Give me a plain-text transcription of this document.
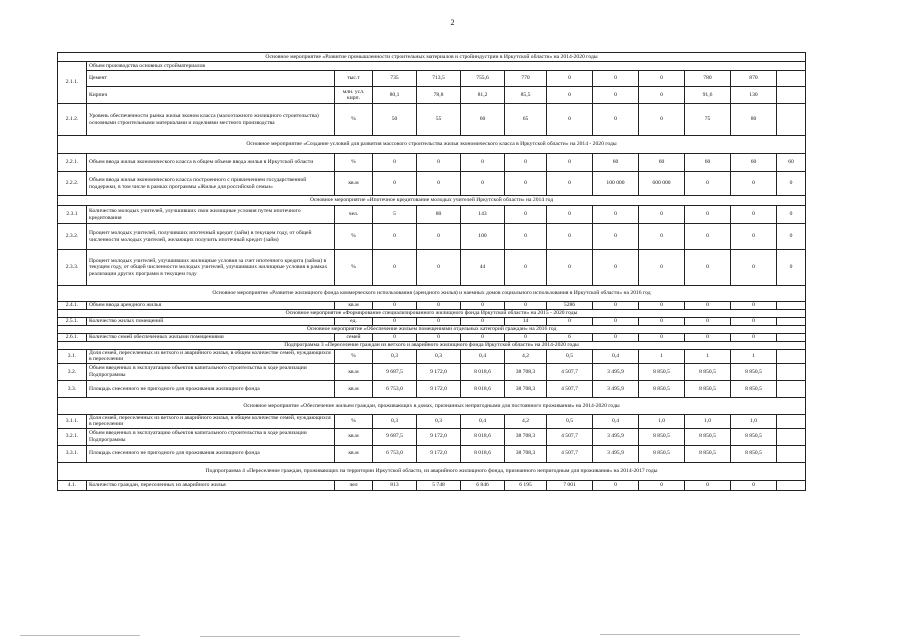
2
Основное мероприятие «Развитие промышленности строительных материалов и стройиндустрии в Иркутской области» на 2014-2020 годы												
2.1.1.	Объем производства основных стройматериалов											
	Цемент	тыс.т	735	713,5	755,6	770	0	0	0	780	870	
	Кирпич	млн. усл. кирп.	80,1	78,8	81,2	85,5	0	0	0	91,6	130	
2.1.2.	Уровень обеспеченности рынка жилья эконом класса (малоэтажного жилищного строительства) основными строительными материалами и изделиями местного производства	%	50	55	60	65	0	0	0	75	80	
Основное мероприятие «Создание условий для развития массового строительства жилья экономического класса в Иркутской области» на 2014 - 2020 годы												
2.2.1.	Объем ввода жилья экономического класса в общем объеме ввода жилья в Иркутской области	%	0	0	0	0	0	60	60	60	60	60
2.2.2.	Объем ввода жилья экономического класса построенного с привлечением государственной поддержки, в том числе в рамках программы «Жилье для российской семьи»	кв.м	0	0	0	0	0	100 000	600 000	0	0	0
Основное мероприятие «Ипотечное кредитование молодых учителей Иркутской области» на 2014 год												
2.3.1	Количество молодых учителей, улучшивших свои жилищные условия путем ипотечного кредитования	чел.	5	80	143	0	0	0	0	0	0	0
2.3.2.	Процент молодых учителей, получивших ипотечный кредит (займ) в текущем году, от общей численности молодых учителей, желающих получить ипотечный кредит (займ)	%	0	0	100	0	0	0	0	0	0	0
2.3.3.	Процент молодых учителей, улучшивших жилищные условия за счет ипотечного кредита (займа) в текущем году, от общей численности молодых учителей, улучшивших жилищные условия в рамках реализации других программ в текущем году	%	0	0	44	0	0	0	0	0	0	0
Основное мероприятие «Развитие жилищного фонда коммерческого использования (арендного жилья) и наемных домов социального использования в Иркутской области» на 2016 год												
2.4.1.	Объем ввода арендного жилья	кв.м	0	0	0	0	5286	0	0	0	0	
Основное мероприятие «Формирование специализированного жилищного фонда Иркутской области» на 2015 - 2020 годы												
2.5.1.	Количество жилых помещений	ед.	0	0	0	14	0	0	0	0	0	
Основное мероприятие «Обеспечение жильем помещениями отдельных категорий граждан» на 2016 год												
2.6.1.	Количество семей обеспеченных жилыми помещениями	семей	0	0	0	0	6	0	0	0	0	
Подпрограмма 3 «Переселение граждан из ветхого и аварийного жилищного фонда Иркутской области» на 2014-2020 годы												
3.1.	Доля семей, переселенных из ветхого и аварийного жилья, в общем количестве семей, нуждающихся в переселении	%	0,3	0,3	0,4	4,2	0,5	0,4	1	1	1	
3.2.	Объем введенных в эксплуатацию объектов капитального строительства в ходе реализации Подпрограммы	кв.м	9 687,5	9 172,0	8 018,6	38 708,3	4 507,7	3 495,9	8 850,5	8 850,5	8 850,5	
3.3.	Площадь снесенного не пригодного для проживания жилищного фонда	кв.м	6 753,0	9 172,0	8 018,6	38 708,3	4 507,7	3 495,9	8 850,5	8 850,5	8 850,5	
Основное мероприятие «Обеспечение жильем граждан, проживающих в домах, признанных непригодными для постоянного проживания» на 2014-2020 годы												
3.1.1.	Доля семей, переселенных из ветхого и аварийного жилья, в общем количестве семей, нуждающихся в переселении	%	0,3	0,3	0,4	4,2	0,5	0,4	1,0	1,0	1,0	
3.2.1.	Объем введенных в эксплуатацию объектов капитального строительства в ходе реализации Подпрограммы	кв.м	9 687,5	9 172,0	8 018,6	38 708,3	4 507,7	3 495,9	8 850,5	8 850,5	8 850,5	
3.3.1.	Площадь снесенного не пригодного для проживания жилищного фонда	кв.м	6 753,0	9 172,0	8 018,6	38 708,3	4 507,7	3 495,9	8 850,5	8 850,5	8 850,5	
Подпрограмма 4 «Переселение граждан, проживающих на территории Иркутской области, из аварийного жилищного фонда, признанного непригодным для проживания» на 2014-2017 годы												
4.1.	Количество граждан, переселенных из аварийного жилья	чел	813	5 748	6 846	6 195	7 001	0	0	0	0	
